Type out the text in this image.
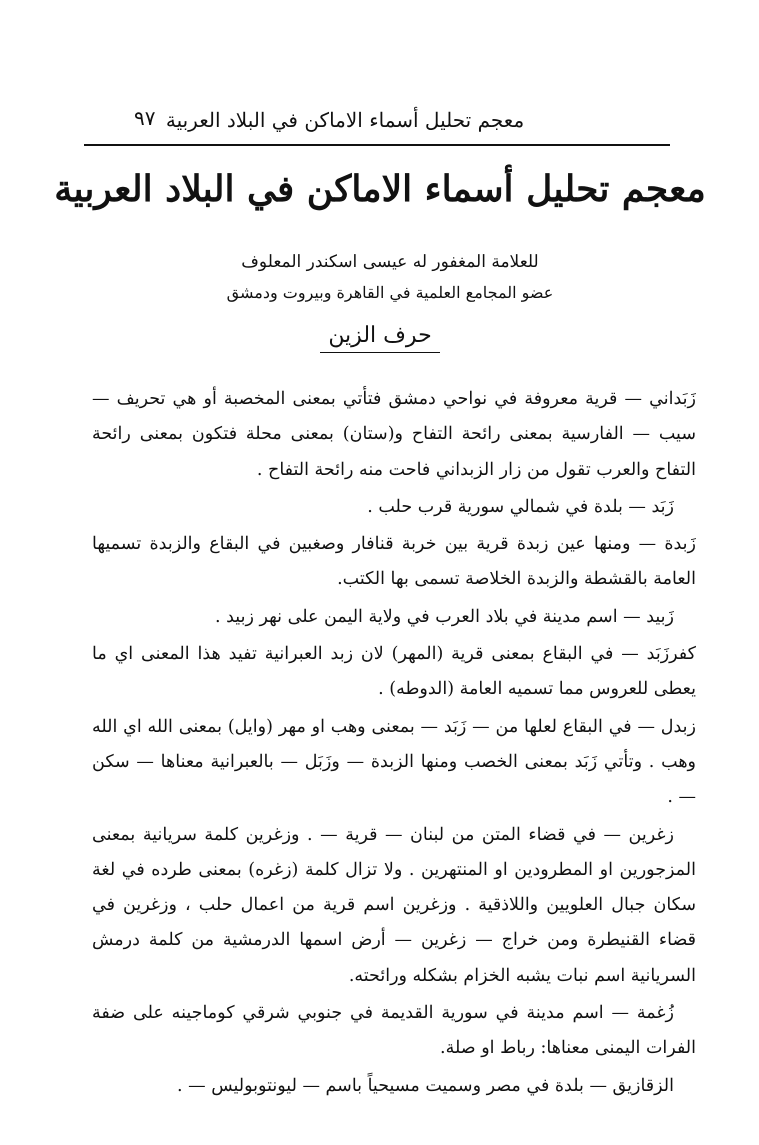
معجم تحليل أسماء الاماكن في البلاد العربية
٩٧
معجم تحليل أسماء الاماكن في البلاد العربية
للعلامة المغفور له عيسى اسكندر المعلوف
عضو المجامع العلمية في القاهرة وبيروت ودمشق
حرف الزين

زَبَداني — قرية معروفة في نواحي دمشق فتأتي بمعنى المخصبة أو هي تحريف — سيب — الفارسية بمعنى رائحة التفاح و(ستان) بمعنى محلة فتكون بمعنى رائحة التفاح والعرب تقول من زار الزبداني فاحت منه رائحة التفاح .

زَبَد — بلدة في شمالي سورية قرب حلب .

زَبدة — ومنها عين زبدة قرية بين خربة قنافار وصغبين في البقاع والزبدة تسميها العامة بالقشطة والزبدة الخلاصة تسمى بها الكتب.

زَبيد — اسم مدينة في بلاد العرب في ولاية اليمن على نهر زبيد .

كفرزَبَد — في البقاع بمعنى قرية (المهر) لان زبد العبرانية تفيد هذا المعنى اي ما يعطى للعروس مما تسميه العامة (الدوطه) .

زبدل — في البقاع لعلها من — زَبَد — بمعنى وهب او مهر (وايل) بمعنى الله اي الله وهب . وتأتي زَبَد بمعنى الخصب ومنها الزبدة — وزَبَل — بالعبرانية معناها — سكن — .

زغرين — في قضاء المتن من لبنان — قرية — . وزغرين كلمة سريانية بمعنى المزجورين او المطرودين او المنتهرين . ولا تزال كلمة (زغره) بمعنى طرده في لغة سكان جبال العلويين واللاذقية . وزغرين اسم قرية من اعمال حلب ، وزغرين في قضاء القنيطرة ومن خراج — زغرين — أرض اسمها الدرمشية من كلمة درمش السريانية اسم نبات يشبه الخزام بشكله ورائحته.

زُغمة — اسم مدينة في سورية القديمة في جنوبي شرقي كوماجينه على ضفة الفرات اليمنى معناها: رباط او صلة.

الزقازيق — بلدة في مصر وسميت مسيحياً باسم — ليونتوبوليس — .
